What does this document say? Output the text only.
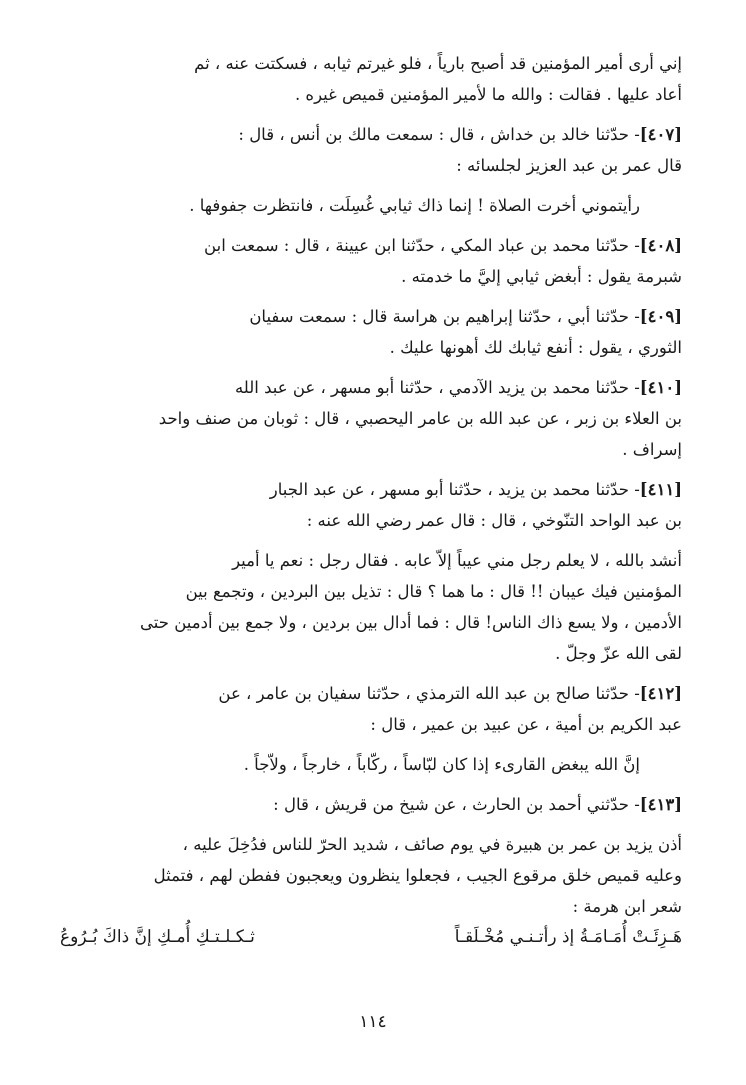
إني أرى أمير المؤمنين قد أصبح بارياً ، فلو غيرتم ثيابه ، فسكتت عنه ، ثم
أعاد عليها . فقالت : والله ما لأمير المؤمنين قميص غيره .
[٤٠٧]- حدّثنا خالد بن خداش ، قال : سمعت مالك بن أنس ، قال :
قال عمر بن عبد العزيز لجلسائه :
رأيتموني أخرت الصلاة ! إنما ذاك ثيابي غُسِلَت ، فانتظرت جفوفها .
[٤٠٨]- حدّثنا محمد بن عباد المكي ، حدّثنا ابن عيينة ، قال : سمعت ابن
شبرمة يقول : أبغض ثيابي إليَّ ما خدمته .
[٤٠٩]- حدّثنا أبي ، حدّثنا إبراهيم بن هراسة قال : سمعت سفيان
الثوري ، يقول : أنفع ثيابك لك أهونها عليك .
[٤١٠]- حدّثنا محمد بن يزيد الآدمي ، حدّثنا أبو مسهر ، عن عبد الله
بن العلاء بن زبر ، عن عبد الله بن عامر اليحصبي ، قال : ثوبان من صنف واحد
إسراف .
[٤١١]- حدّثنا محمد بن يزيد ، حدّثنا أبو مسهر ، عن عبد الجبار
بن عبد الواحد التنّوخي ، قال : قال عمر رضي الله عنه :
أنشد بالله ، لا يعلم رجل مني عيباً إلاّ عابه . فقال رجل : نعم يا أمير
المؤمنين فيك عيبان !! قال : ما هما ؟ قال : تذيل بين البردين ، وتجمع بين
الأدمين ، ولا يسع ذاك الناس! قال : فما أدال بين بردين ، ولا جمع بين أدمين حتى
لقى الله عزّ وجلّ .
[٤١٢]- حدّثنا صالح بن عبد الله الترمذي ، حدّثنا سفيان بن عامر ، عن
عبد الكريم بن أمية ، عن عبيد بن عمير ، قال :
إنَّ الله يبغض القارىء إذا كان لبّاساً ، ركّاباً ، خارجاً ، ولاّجاً .
[٤١٣]- حدّثني أحمد بن الحارث ، عن شيخ من قريش ، قال :
أذن يزيد بن عمر بن هبيرة في يوم صائف ، شديد الحرّ للناس فدُخِلَ عليه ،
وعليه قميص خلق مرقوع الجيب ، فجعلوا ينظرون ويعجبون ففطن لهم ، فتمثل
شعر ابن هرمة :
هَـزِئَـتْ أُمَـامَـةُ إذ رأتـنـي مُخْـلَقـاً
ثـكـلـتـكِ أُمـكِ إنَّ ذاكَ بُـرُوعُ
١١٤
